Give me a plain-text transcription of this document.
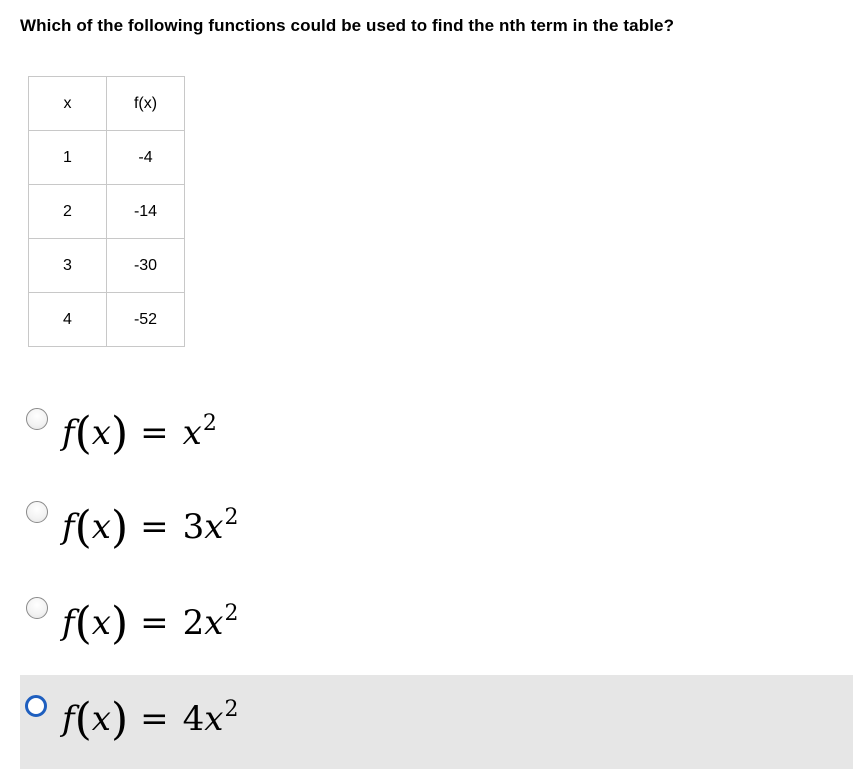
Which of the following functions could be used to find the nth term in the table?
x	f(x)
1	-4
2	-14
3	-30
4	-52
$f(x) = x^2$
$f(x) = 3x^2$
$f(x) = 2x^2$
$f(x) = 4x^2$
